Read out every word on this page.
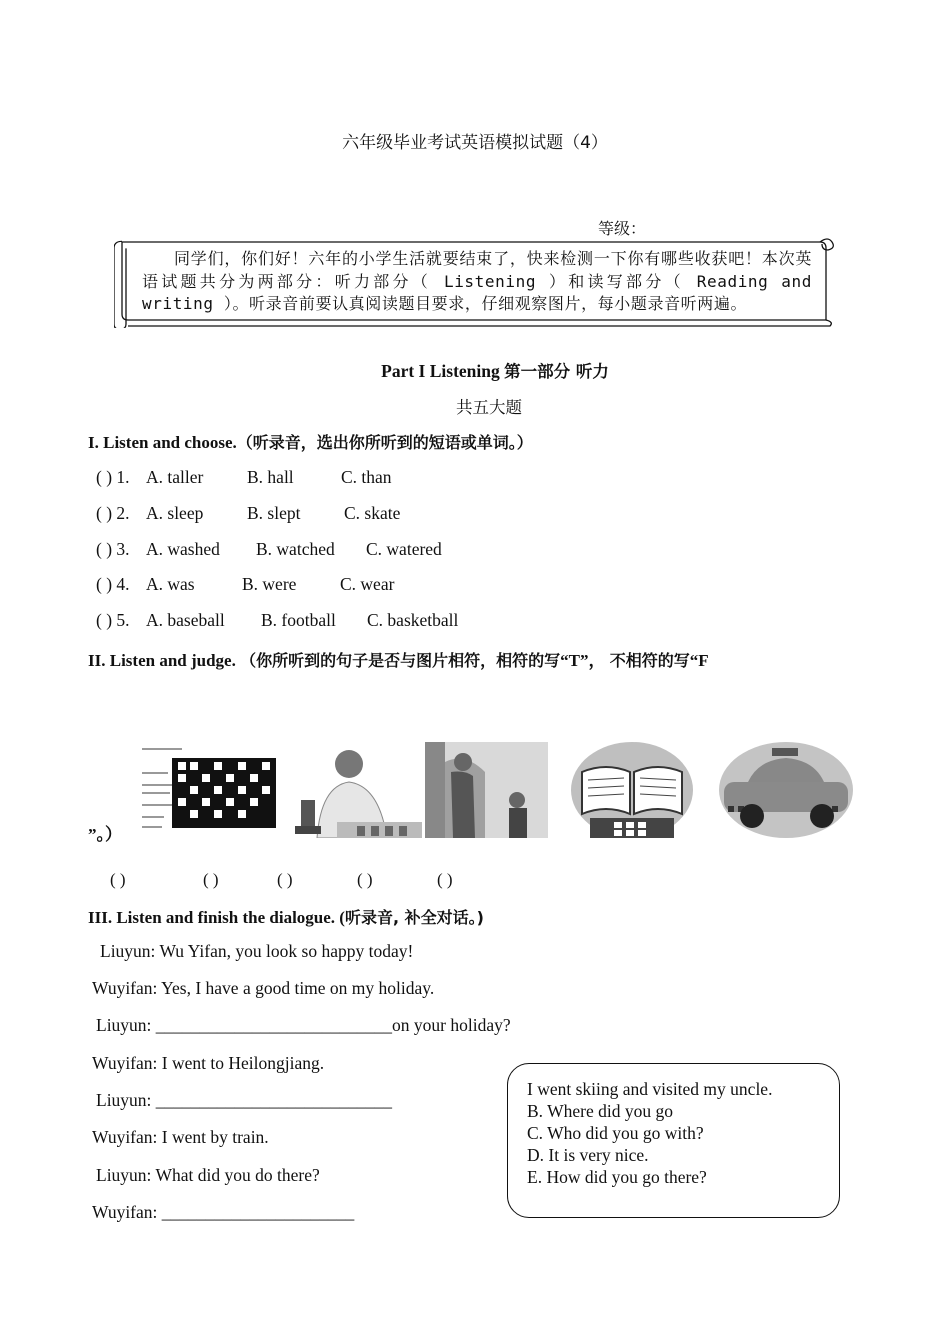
六年级毕业考试英语模拟试题（4）
等级：
同学们，你们好！六年的小学生活就要结束了，快来检测一下你有哪些收获吧！本次英语试题共分为两部分：听力部分（ Listening ）和读写部分（ Reading and writing ）。听录音前要认真阅读题目要求，仔细观察图片，每小题录音听两遍。
Part I Listening 第一部分 听力
共五大题
I. Listen and choose.（听录音，选出你所听到的短语或单词。）
( ) 1. A. taller B. hall	C. than
( ) 2. A. sleep B. slept C. skate
( ) 3. A. washed B. watched C. watered
( ) 4. A. was	B. were C. wear
( ) 5. A. baseball B. football C. basketball
II. Listen and judge. （你所听到的句子是否与图片相符，相符的写“T”， 不相符的写“F
”。）
( )	( )	( )	( )	( )
III. Listen and finish the dialogue. (听录音, 补全对话。)
Liuyun: Wu Yifan, you look so happy today!
Wuyifan: Yes, I have a good time on my holiday.
Liuyun: ___________________________on your holiday?
Wuyifan: I went to Heilongjiang.
Liuyun: ___________________________
Wuyifan: I went by train.
Liuyun: What did you do there?
Wuyifan: ______________________
I went skiing and visited my uncle.
B. Where did you go
C. Who did you go with?
D. It is very nice.
E. How did you go there?
